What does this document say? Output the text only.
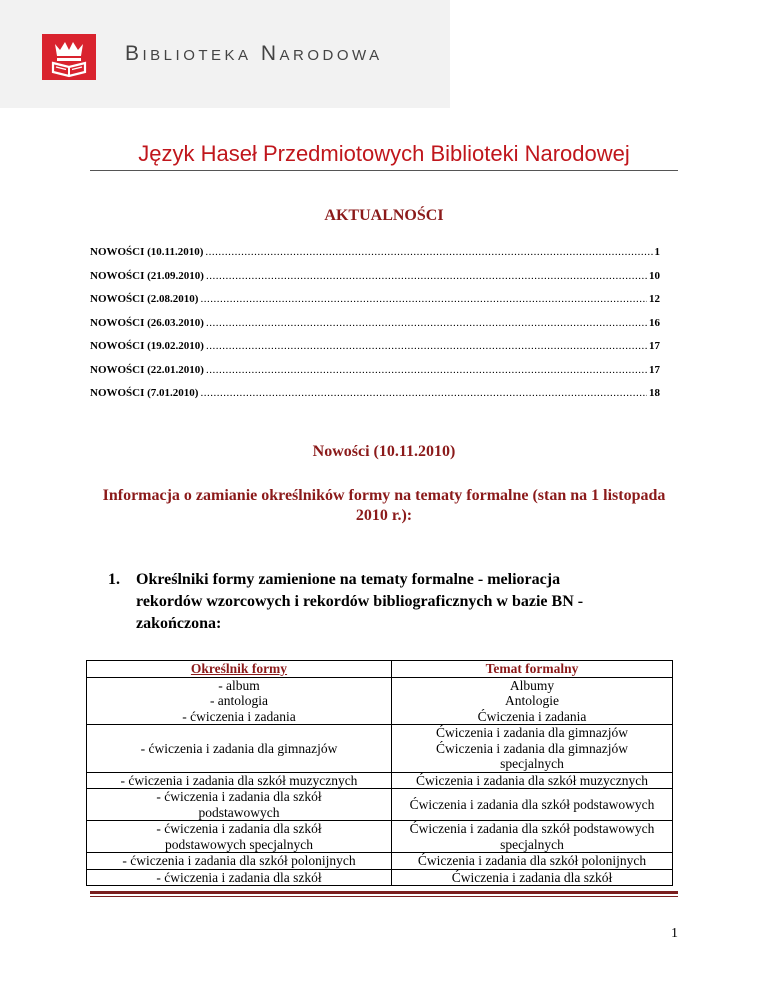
Biblioteka Narodowa
Język Haseł Przedmiotowych Biblioteki Narodowej
AKTUALNOŚCI
NOWOŚCI (10.11.2010) .....	1
NOWOŚCI (21.09.2010) .....	10
NOWOŚCI (2.08.2010) .....	12
NOWOŚCI (26.03.2010) .....	16
NOWOŚCI (19.02.2010) .....	17
NOWOŚCI (22.01.2010) .....	17
NOWOŚCI (7.01.2010) .....	18
Nowości (10.11.2010)
Informacja o zamianie określników formy na tematy formalne (stan na 1 listopada 2010 r.):
1.	Określniki formy zamienione na tematy formalne - melioracja rekordów wzorcowych i rekordów bibliograficznych w bazie BN - zakończona:
Określnik formy	Temat formalny

- album
- antologia
- ćwiczenia i zadania	Albumy
Antologie
Ćwiczenia i zadania

- ćwiczenia i zadania dla gimnazjów	Ćwiczenia i zadania dla gimnazjów
Ćwiczenia i zadania dla gimnazjów
specjalnych

- ćwiczenia i zadania dla szkół muzycznych	Ćwiczenia i zadania dla szkół muzycznych

- ćwiczenia i zadania dla szkół
podstawowych	Ćwiczenia i zadania dla szkół podstawowych

- ćwiczenia i zadania dla szkół
podstawowych specjalnych	Ćwiczenia i zadania dla szkół podstawowych
specjalnych

- ćwiczenia i zadania dla szkół polonijnych	Ćwiczenia i zadania dla szkół polonijnych

- ćwiczenia i zadania dla szkół	Ćwiczenia i zadania dla szkół
1
